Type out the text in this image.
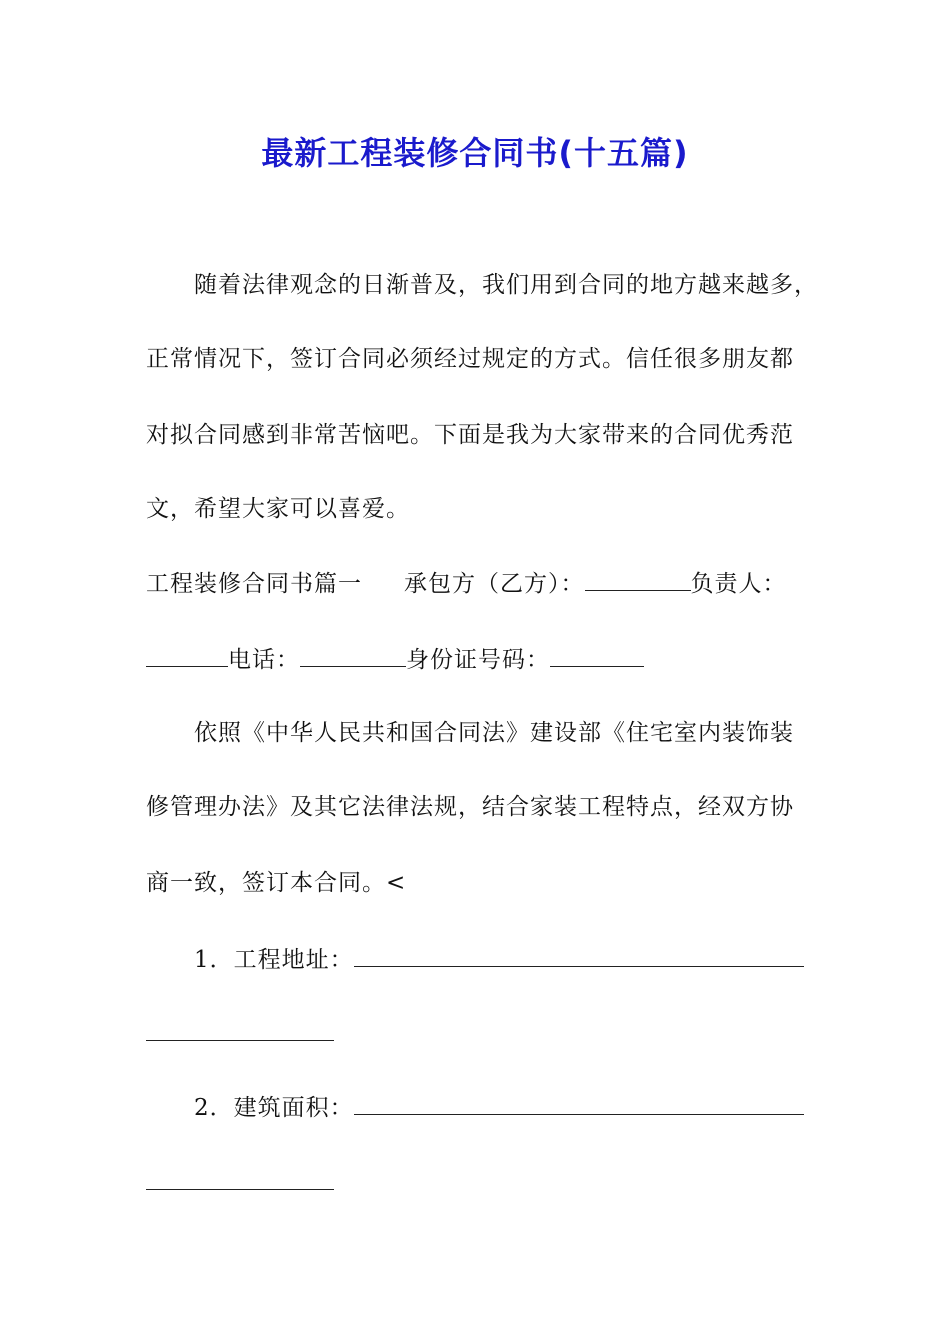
最新工程装修合同书(十五篇)
随着法律观念的日渐普及，我们用到合同的地方越来越多，
正常情况下，签订合同必须经过规定的方式。信任很多朋友都
对拟合同感到非常苦恼吧。下面是我为大家带来的合同优秀范
文，希望大家可以喜爱。
工程装修合同书篇一 承包方（乙方）：	负责人：
电话：	身份证号码：
依照《中华人民共和国合同法》建设部《住宅室内装饰装
修管理办法》及其它法律法规，结合家装工程特点，经双方协
商一致，签订本合同。<
1．工程地址：
2．建筑面积：
